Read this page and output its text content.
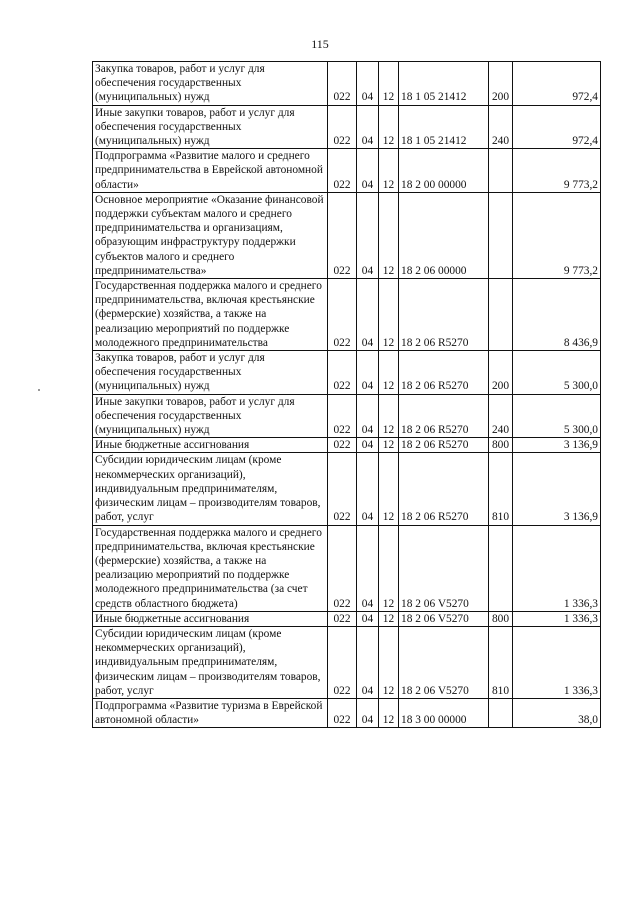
115
Закупка товаров, работ и услуг для обеспечения государственных (муниципальных) нужд	022	04	12	18 1 05 21412	200	972,4
Иные закупки товаров, работ и услуг для обеспечения государственных (муниципальных) нужд	022	04	12	18 1 05 21412	240	972,4
Подпрограмма «Развитие малого и среднего предпринимательства в Еврейской автономной области»	022	04	12	18 2 00 00000		9 773,2
Основное мероприятие «Оказание финансовой поддержки субъектам малого и среднего предпринимательства и организациям, образующим инфраструктуру поддержки субъектов малого и среднего предпринимательства»	022	04	12	18 2 06 00000		9 773,2
Государственная поддержка малого и среднего предпринимательства, включая крестьянские (фермерские) хозяйства, а также на реализацию мероприятий по поддержке молодежного предпринимательства	022	04	12	18 2 06 R5270		8 436,9
Закупка товаров, работ и услуг для обеспечения государственных (муниципальных) нужд	022	04	12	18 2 06 R5270	200	5 300,0
Иные закупки товаров, работ и услуг для обеспечения государственных (муниципальных) нужд	022	04	12	18 2 06 R5270	240	5 300,0
Иные бюджетные ассигнования	022	04	12	18 2 06 R5270	800	3 136,9
Субсидии юридическим лицам (кроме некоммерческих организаций), индивидуальным предпринимателям, физическим лицам – производителям товаров, работ, услуг	022	04	12	18 2 06 R5270	810	3 136,9
Государственная поддержка малого и среднего предпринимательства, включая крестьянские (фермерские) хозяйства, а также на реализацию мероприятий по поддержке молодежного предпринимательства (за счет средств областного бюджета)	022	04	12	18 2 06 V5270		1 336,3
Иные бюджетные ассигнования	022	04	12	18 2 06 V5270	800	1 336,3
Субсидии юридическим лицам (кроме некоммерческих организаций), индивидуальным предпринимателям, физическим лицам – производителям товаров, работ, услуг	022	04	12	18 2 06 V5270	810	1 336,3
Подпрограмма «Развитие туризма в Еврейской автономной области»	022	04	12	18 3 00 00000		38,0
